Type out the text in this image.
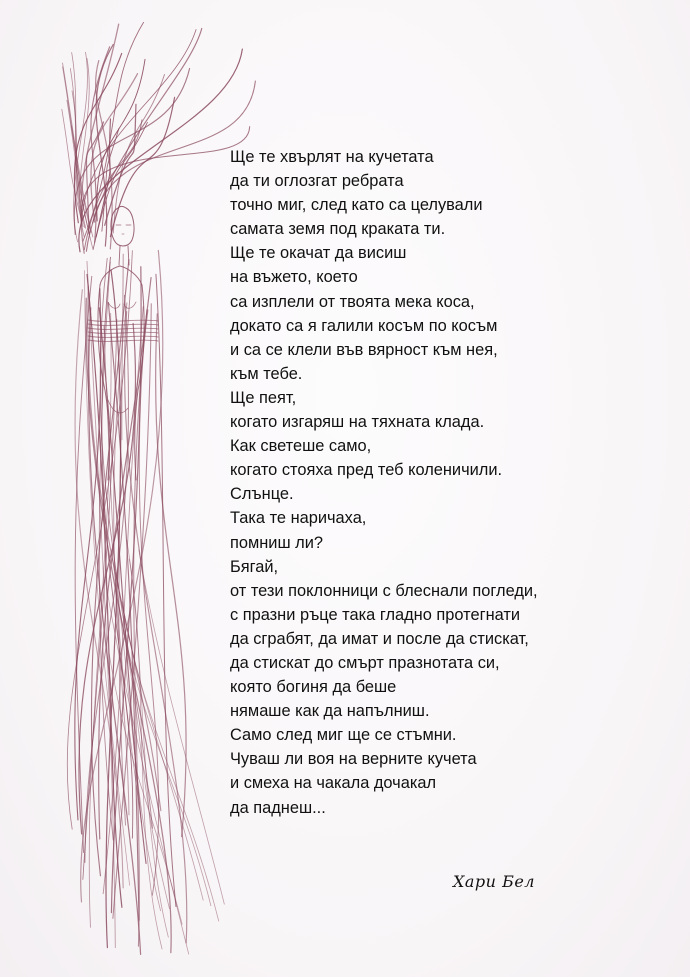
Ще те хвърлят на кучетата
да ти оглозгат ребрата
точно миг, след като са целували
самата земя под краката ти.
Ще те окачат да висиш
на въжето, което
са изплели от твоята мека коса,
докато са я галили косъм по косъм
и са се клели във вярност към нея,
към тебе.
Ще пеят,
когато изгаряш на тяхната клада.
Как светеше само,
когато стояха пред теб коленичили.
Слънце.
Така те наричаха,
помниш ли?
Бягай,
от тези поклонници с блеснали погледи,
с празни ръце така гладно протегнати
да сграбят, да имат и после да стискат,
да стискат до смърт празнотата си,
която богиня да беше
нямаше как да напълниш.
Само след миг ще се стъмни.
Чуваш ли воя на верните кучета
и смеха на чакала дочакал
да паднеш...
Хари Бел
